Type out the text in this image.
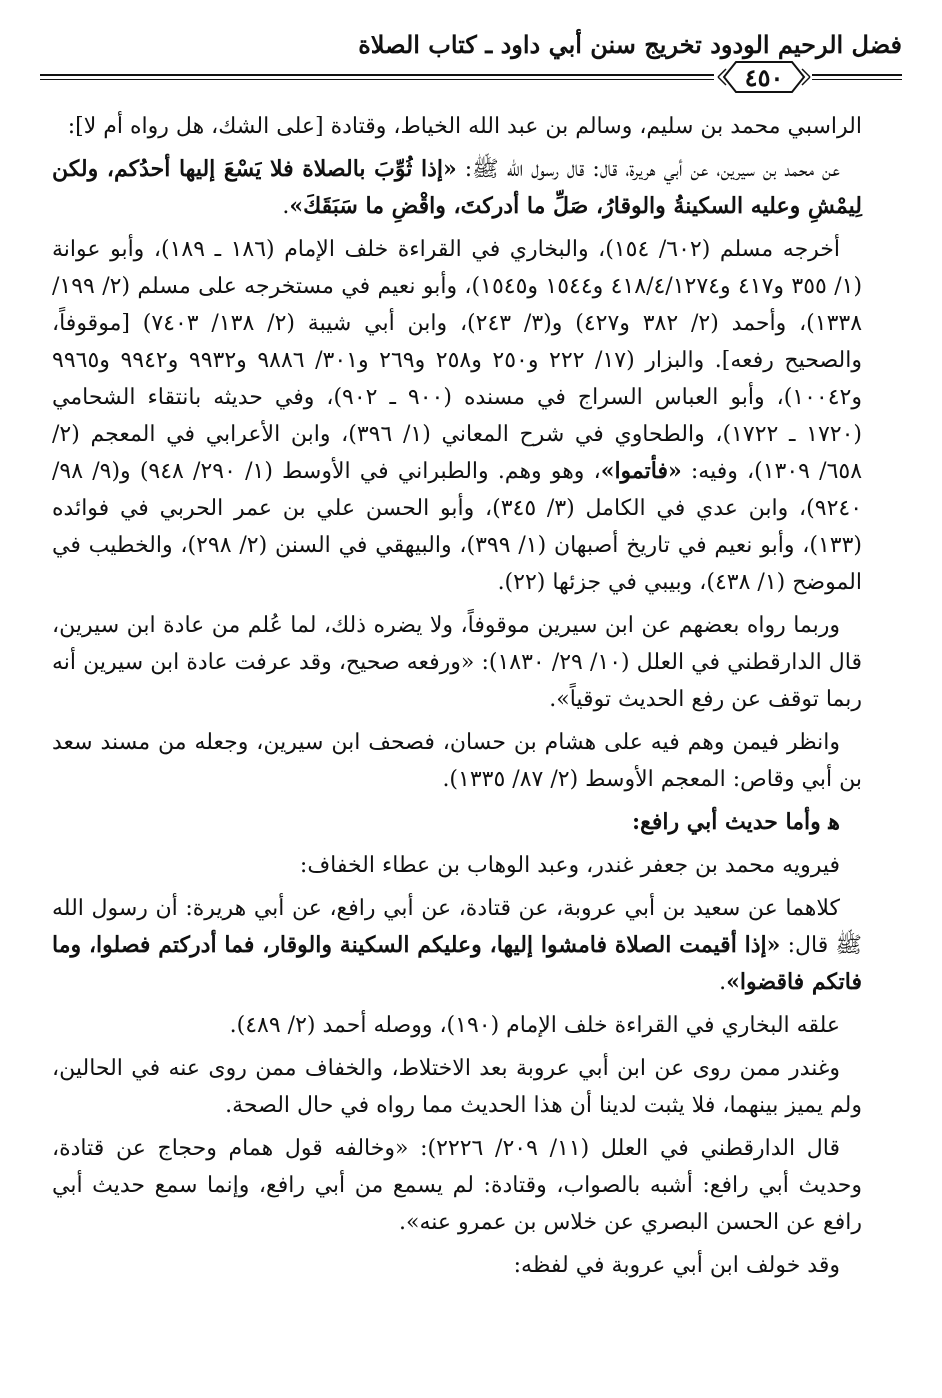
فضل الرحيم الودود تخريج سنن أبي داود ـ كتاب الصلاة
٤٥٠

الراسبي محمد بن سليم، وسالم بن عبد الله الخياط، وقتادة [على الشك، هل رواه أم لا]:

عن محمد بن سيرين، عن أبي هريرة، قال: قال رسول الله ﷺ: «إذا ثُوِّبَ بالصلاة فلا يَسْعَ إليها أحدُكم، ولكن لِيمْشِ وعليه السكينةُ والوقارُ، صَلِّ ما أدركتَ، واقْضِ ما سَبَقَكَ».

أخرجه مسلم (٦٠٢/ ١٥٤)، والبخاري في القراءة خلف الإمام (١٨٦ ـ ١٨٩)، وأبو عوانة (١/ ٣٥٥ و٤١٧ و٤١٨/٤/١٢٧٤ و١٥٤٤ و١٥٤٥)، وأبو نعيم في مستخرجه على مسلم (٢/ ١٩٩/ ١٣٣٨)، وأحمد (٢/ ٣٨٢ و٤٢٧) و(٣/ ٢٤٣)، وابن أبي شيبة (٢/ ١٣٨/ ٧٤٠٣) [موقوفاً، والصحيح رفعه]. والبزار (١٧/ ٢٢٢ و٢٥٠ و٢٥٨ و٢٦٩ و٣٠١/ ٩٨٨٦ و٩٩٣٢ و٩٩٤٢ و٩٩٦٥ و١٠٠٤٢)، وأبو العباس السراج في مسنده (٩٠٠ ـ ٩٠٢)، وفي حديثه بانتقاء الشحامي (١٧٢٠ ـ ١٧٢٢)، والطحاوي في شرح المعاني (١/ ٣٩٦)، وابن الأعرابي في المعجم (٢/ ٦٥٨/ ١٣٠٩)، وفيه: «فأتموا»، وهو وهم. والطبراني في الأوسط (١/ ٢٩٠/ ٩٤٨) و(٩/ ٩٨/ ٩٢٤٠)، وابن عدي في الكامل (٣/ ٣٤٥)، وأبو الحسن علي بن عمر الحربي في فوائده (١٣٣)، وأبو نعيم في تاريخ أصبهان (١/ ٣٩٩)، والبيهقي في السنن (٢/ ٢٩٨)، والخطيب في الموضح (١/ ٤٣٨)، وبيبي في جزئها (٢٢).

وربما رواه بعضهم عن ابن سيرين موقوفاً، ولا يضره ذلك، لما عُلم من عادة ابن سيرين، قال الدارقطني في العلل (١٠/ ٢٩/ ١٨٣٠): «ورفعه صحيح، وقد عرفت عادة ابن سيرين أنه ربما توقف عن رفع الحديث توقياً».

وانظر فيمن وهم فيه على هشام بن حسان، فصحف ابن سيرين، وجعله من مسند سعد بن أبي وقاص: المعجم الأوسط (٢/ ٨٧/ ١٣٣٥).

ﻫ وأما حديث أبي رافع:

فيرويه محمد بن جعفر غندر، وعبد الوهاب بن عطاء الخفاف:

كلاهما عن سعيد بن أبي عروبة، عن قتادة، عن أبي رافع، عن أبي هريرة: أن رسول الله ﷺ قال: «إذا أقيمت الصلاة فامشوا إليها، وعليكم السكينة والوقار، فما أدركتم فصلوا، وما فاتكم فاقضوا».

علقه البخاري في القراءة خلف الإمام (١٩٠)، ووصله أحمد (٢/ ٤٨٩).

وغندر ممن روى عن ابن أبي عروبة بعد الاختلاط، والخفاف ممن روى عنه في الحالين، ولم يميز بينهما، فلا يثبت لدينا أن هذا الحديث مما رواه في حال الصحة.

قال الدارقطني في العلل (١١/ ٢٠٩/ ٢٢٢٦): «وخالفه قول همام وحجاج عن قتادة، وحديث أبي رافع: أشبه بالصواب، وقتادة: لم يسمع من أبي رافع، وإنما سمع حديث أبي رافع عن الحسن البصري عن خلاس بن عمرو عنه».

وقد خولف ابن أبي عروبة في لفظه:
